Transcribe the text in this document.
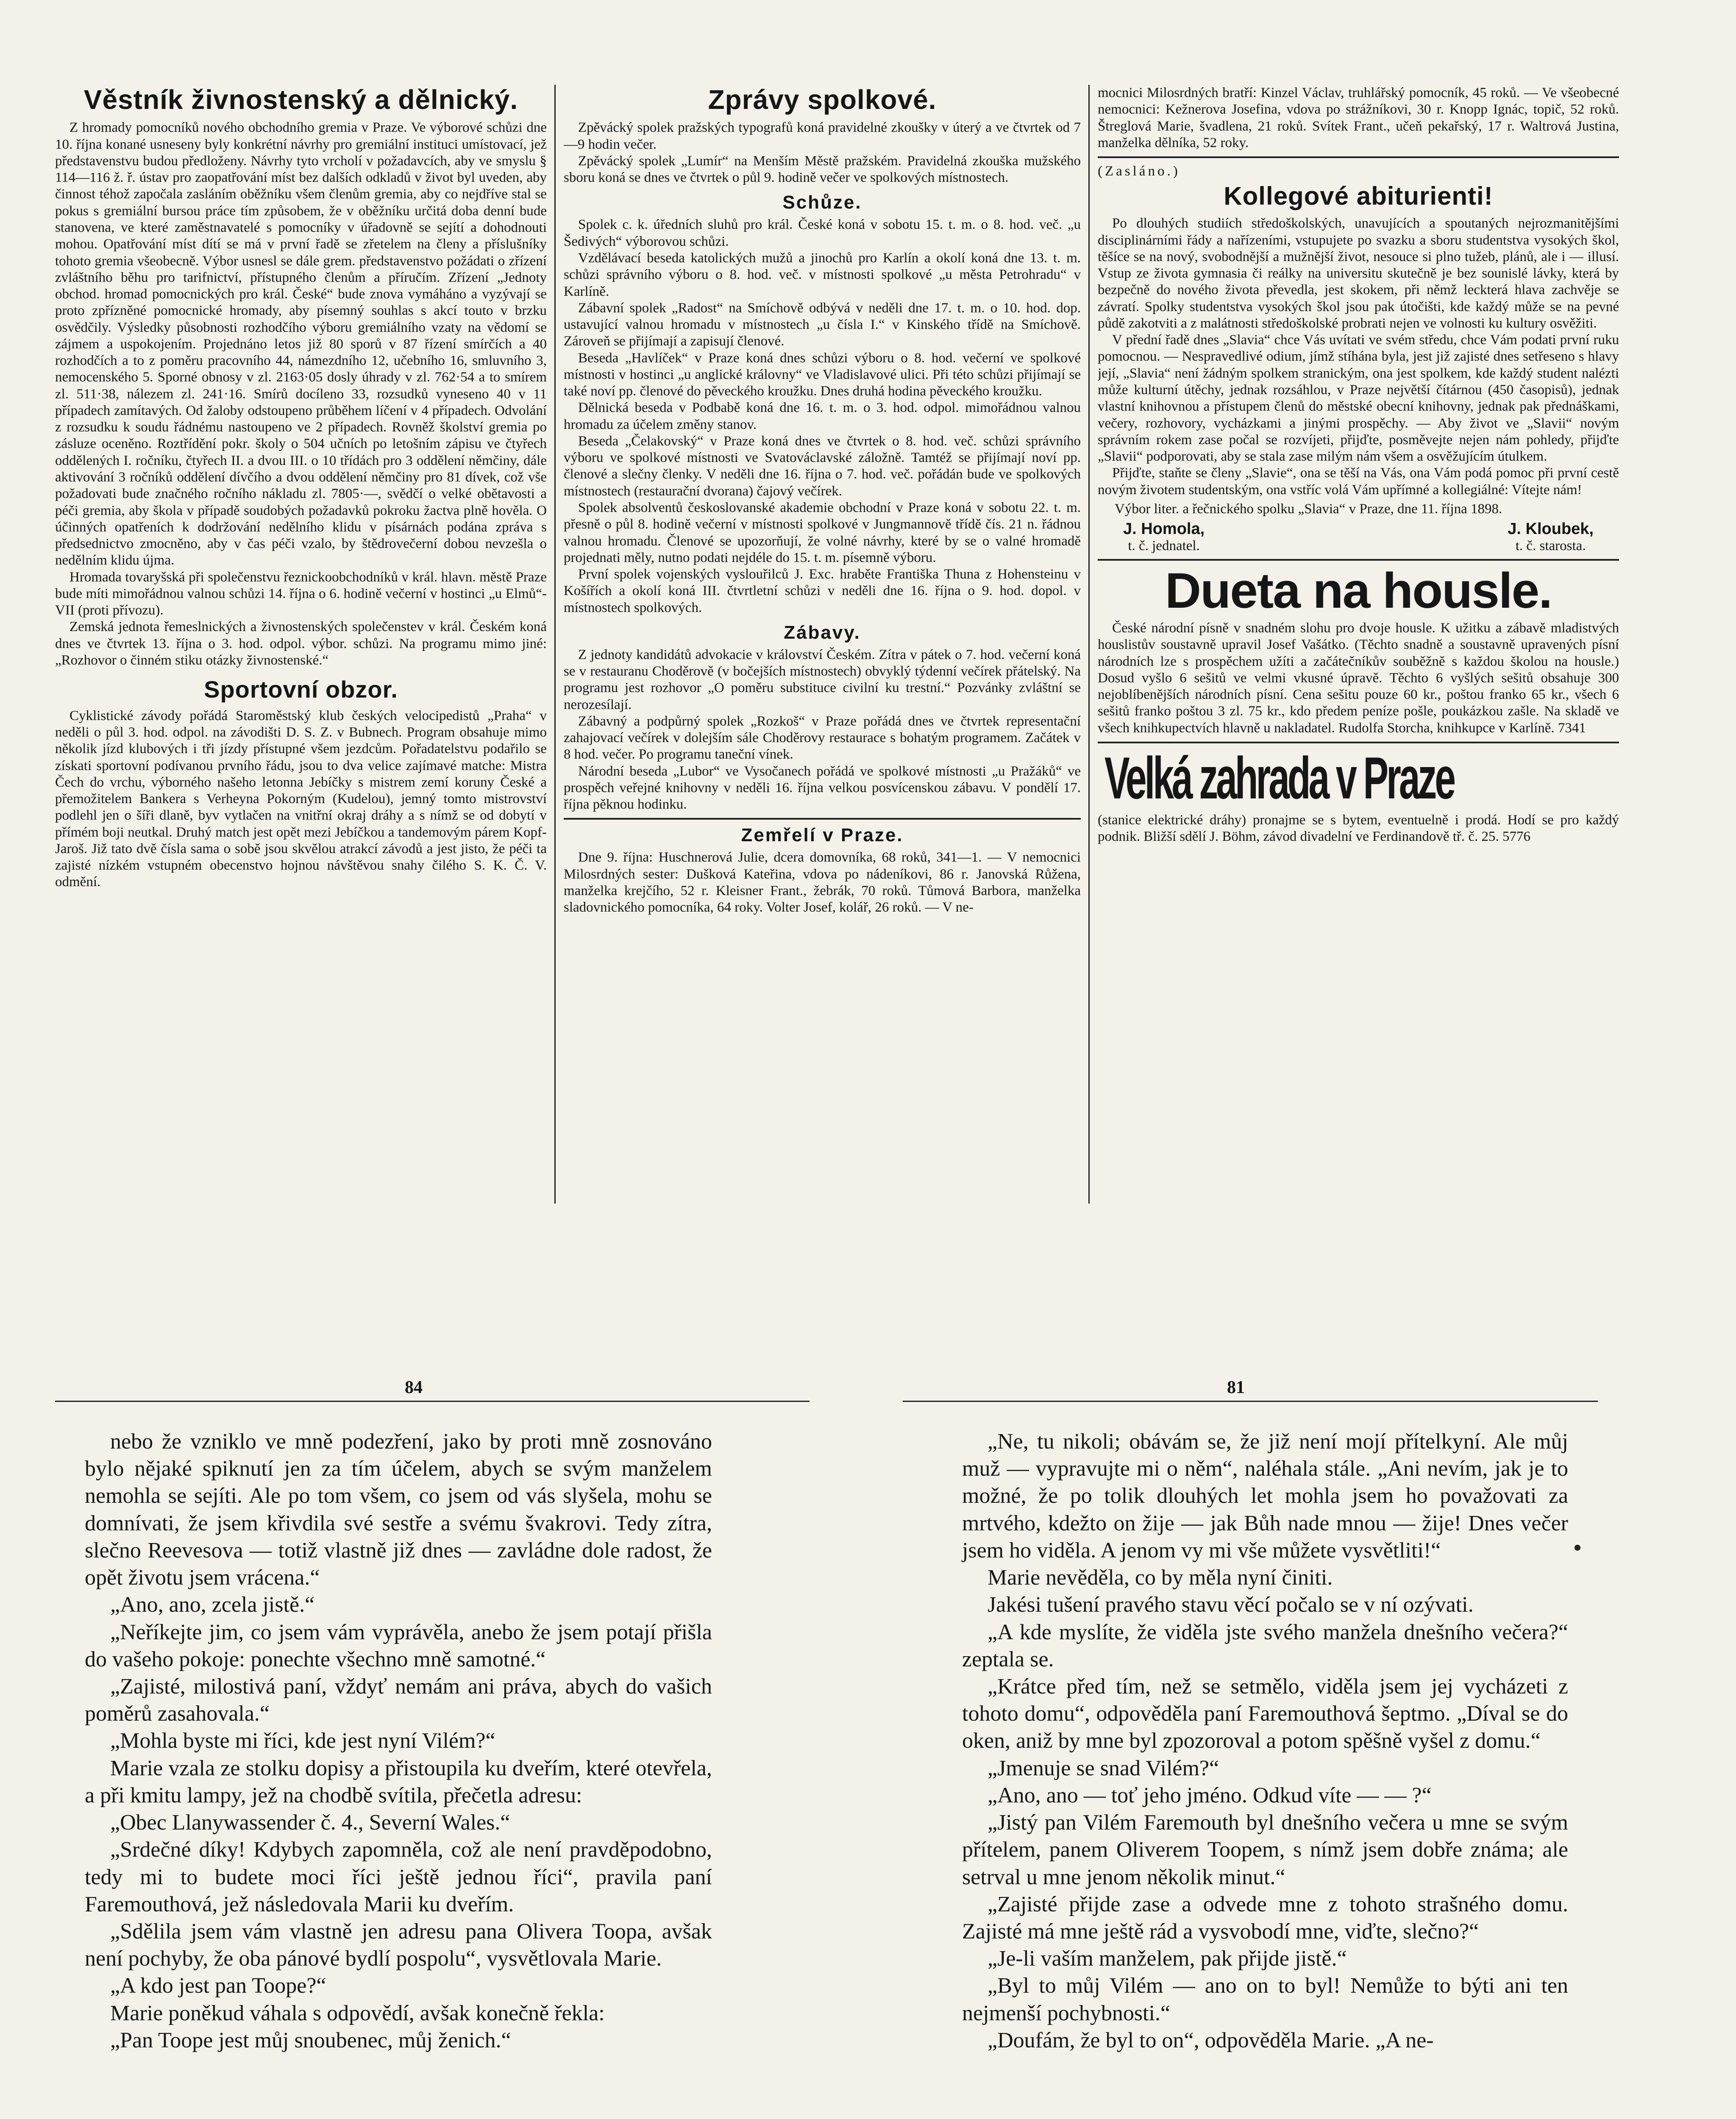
Věstník živnostenský a dělnický.

Z hromady pomocníků nového obchodního gremia v Praze. Ve výborové schůzi dne 10. října konané usneseny byly konkrétní návrhy pro gremiální instituci umístovací, jež představenstvu budou předloženy. Návrhy tyto vrcholí v požadavcích, aby ve smyslu § 114—116 ž. ř. ústav pro zaopatřování míst bez dalších odkladů v život byl uveden, aby činnost téhož započala zasláním oběžníku všem členům gremia, aby co nejdříve stal se pokus s gremiální bursou práce tím způsobem, že v oběžníku určitá doba denní bude stanovena, ve které zaměstnavatelé s pomocníky v úřadovně se sejítí a dohodnouti mohou. Opatřování míst dítí se má v první řadě se zřetelem na členy a příslušníky tohoto gremia všeobecně. Výbor usnesl se dále grem. představenstvo požádati o zřízení zvláštního běhu pro tarifnictví, přístupného členům a příručím. Zřízení „Jednoty obchod. hromad pomocnických pro král. České“ bude znova vymáháno a vyzývají se proto zpřízněné pomocnické hromady, aby písemný souhlas s akcí touto v brzku osvědčily. Výsledky působnosti rozhodčího výboru gremiálního vzaty na vědomí se zájmem a uspokojením. Projednáno letos již 80 sporů v 87 řízení smírčích a 40 rozhodčích a to z poměru pracovního 44, námezdního 12, učebního 16, smluvního 3, nemocenského 5. Sporné obnosy v zl. 2163·05 dosly úhrady v zl. 762·54 a to smírem zl. 511·38, nálezem zl. 241·16. Smírů docíleno 33, rozsudků vyneseno 40 v 11 případech zamítavých. Od žaloby odstoupeno průběhem líčení v 4 případech. Odvolání z rozsudku k soudu řádnému nastoupeno ve 2 případech. Rovněž školství gremia po zásluze oceněno. Roztřídění pokr. školy o 504 učních po letošním zápisu ve čtyřech oddělených I. ročníku, čtyřech II. a dvou III. o 10 třídách pro 3 oddělení němčiny, dále aktivování 3 ročníků oddělení dívčího a dvou oddělení němčiny pro 81 dívek, což vše požadovati bude značného ročního nákladu zl. 7805·—, svědčí o velké obětavosti a péči gremia, aby škola v případě soudobých požadavků pokroku žactva plně hověla. O účinných opatřeních k dodržování nedělního klidu v písárnách podána zpráva s předsednictvo zmocněno, aby v čas péči vzalo, by štědrovečerní dobou nevzešla o nedělním klidu újma.

Hromada tovaryšská při společenstvu řeznickoobchodníků v král. hlavn. městě Praze bude míti mimořádnou valnou schůzi 14. října o 6. hodině večerní v hostinci „u Elmů“-VII (proti přívozu).

Zemská jednota řemeslnických a živnostenských společenstev v král. Českém koná dnes ve čtvrtek 13. října o 3. hod. odpol. výbor. schůzi. Na programu mimo jiné: „Rozhovor o činném stiku otázky živnostenské.“

Sportovní obzor.

Cyklistické závody pořádá Staroměstský klub českých velocipedistů „Praha“ v neděli o půl 3. hod. odpol. na závodišti D. S. Z. v Bubnech. Program obsahuje mimo několik jízd klubových i tři jízdy přístupné všem jezdcům. Pořadatelstvu podařilo se získati sportovní podívanou prvního řádu, jsou to dva velice zajímavé matche: Mistra Čech do vrchu, výborného našeho letonna Jebíčky s mistrem zemí koruny České a přemožitelem Bankera s Verheyna Pokorným (Kudelou), jemný tomto mistrovství podlehl jen o šíři dlaně, byv vytlačen na vnitřní okraj dráhy a s nímž se od dobytí v přímém boji neutkal. Druhý match jest opět mezi Jebíčkou a tandemovým párem Kopf-Jaroš. Již tato dvě čísla sama o sobě jsou skvělou atrakcí závodů a jest jisto, že péči ta zajisté nízkém vstupném obecenstvo hojnou návštěvou snahy čilého S. K. Č. V. odmění.

Zprávy spolkové.

Zpěvácký spolek pražských typografů koná pravidelné zkoušky v úterý a ve čtvrtek od 7—9 hodin večer.

Zpěvácký spolek „Lumír“ na Menším Městě pražském. Pravidelná zkouška mužského sboru koná se dnes ve čtvrtek o půl 9. hodině večer ve spolkových místnostech.

Schůze.

Spolek c. k. úředních sluhů pro král. České koná v sobotu 15. t. m. o 8. hod. več. „u Šedivých“ výborovou schůzi.

Vzdělávací beseda katolických mužů a jinochů pro Karlín a okolí koná dne 13. t. m. schůzi správního výboru o 8. hod. več. v místnosti spolkové „u města Petrohradu“ v Karlíně.

Zábavní spolek „Radost“ na Smíchově odbývá v neděli dne 17. t. m. o 10. hod. dop. ustavující valnou hromadu v místnostech „u čísla I.“ v Kinského třídě na Smíchově. Zároveň se přijímají a zapisují členové.

Beseda „Havlíček“ v Praze koná dnes schůzi výboru o 8. hod. večerní ve spolkové místnosti v hostinci „u anglické královny“ ve Vladislavové ulici. Při této schůzi přijímají se také noví pp. členové do pěveckého kroužku. Dnes druhá hodina pěveckého kroužku.

Dělnická beseda v Podbabě koná dne 16. t. m. o 3. hod. odpol. mimořádnou valnou hromadu za účelem změny stanov.

Beseda „Čelakovský“ v Praze koná dnes ve čtvrtek o 8. hod. več. schůzi správního výboru ve spolkové místnosti ve Svatováclavské záložně. Tamtéž se přijímají noví pp. členové a slečny členky. V neděli dne 16. října o 7. hod. več. pořádán bude ve spolkových místnostech (restaurační dvorana) čajový večírek.

Spolek absolventů českoslovanské akademie obchodní v Praze koná v sobotu 22. t. m. přesně o půl 8. hodině večerní v místnosti spolkové v Jungmannově třídě čís. 21 n. řádnou valnou hromadu. Členové se upozorňují, že volné návrhy, které by se o valné hromadě projednati měly, nutno podati nejdéle do 15. t. m. písemně výboru.

První spolek vojenských vyslouřilců J. Exc. hraběte Františka Thuna z Hohensteinu v Košířích a okolí koná III. čtvrtletní schůzi v neděli dne 16. října o 9. hod. dopol. v místnostech spolkových.

Zábavy.

Z jednoty kandidátů advokacie v království Českém. Zítra v pátek o 7. hod. večerní koná se v restauranu Choděrově (v bočejších místnostech) obvyklý týdenní večírek přátelský. Na programu jest rozhovor „O poměru substituce civilní ku trestní.“ Pozvánky zvláštní se nerozesílají.

Zábavný a podpůrný spolek „Rozkoš“ v Praze pořádá dnes ve čtvrtek representační zahajovací večírek v dolejším sále Choděrovy restaurace s bohatým programem. Začátek v 8 hod. večer. Po programu taneční vínek.

Národní beseda „Lubor“ ve Vysočanech pořádá ve spolkové místnosti „u Pražáků“ ve prospěch veřejné knihovny v neděli 16. října velkou posvícenskou zábavu. V pondělí 17. října pěknou hodinku.

Zemřelí v Praze.

Dne 9. října: Huschnerová Julie, dcera domovníka, 68 roků, 341—1. — V nemocnici Milosrdných sester: Dušková Kateřina, vdova po nádeníkovi, 86 r. Janovská Růžena, manželka krejčího, 52 r. Kleisner Frant., žebrák, 70 roků. Tůmová Barbora, manželka sladovnického pomocníka, 64 roky. Volter Josef, kolář, 26 roků. — V ne-

mocnici Milosrdných bratří: Kinzel Václav, truhlářský pomocník, 45 roků. — Ve všeobecné nemocnici: Kežnerova Josefina, vdova po strážníkovi, 30 r. Knopp Ignác, topič, 52 roků. Štreglová Marie, švadlena, 21 roků. Svítek Frant., učeň pekařský, 17 r. Waltrová Justina, manželka dělníka, 52 roky.

(Zasláno.)

Kollegové abiturienti!

Po dlouhých studiích středoškolských, unavujících a spoutaných nejrozmanitějšími disciplinárními řády a nařízeními, vstupujete po svazku a sboru studentstva vysokých škol, těšíce se na nový, svobodnější a mužnější život, nesouce si plno tužeb, plánů, ale i — illusí. Vstup ze života gymnasia či reálky na universitu skutečně je bez sounislé lávky, která by bezpečně do nového života převedla, jest skokem, při němž leckterá hlava zachvěje se závratí. Spolky studentstva vysokých škol jsou pak útočišti, kde každý může se na pevné půdě zakotviti a z malátnosti středoškolské probrati nejen ve volnosti ku kultury osvěžiti.

V přední řadě dnes „Slavia“ chce Vás uvítati ve svém středu, chce Vám podati první ruku pomocnou. — Nespravedlivé odium, jímž stíhána byla, jest již zajisté dnes setřeseno s hlavy její, „Slavia“ není žádným spolkem stranickým, ona jest spolkem, kde každý student nalézti může kulturní útěchy, jednak rozsáhlou, v Praze největší čítárnou (450 časopisů), jednak vlastní knihovnou a přístupem členů do městské obecní knihovny, jednak pak přednáškami, večery, rozhovory, vycházkami a jinými prospěchy. — Aby život ve „Slavii“ novým správním rokem zase počal se rozvíjeti, přijďte, posměvejte nejen nám pohledy, přijďte „Slavii“ podporovati, aby se stala zase milým nám všem a osvěžujícím útulkem.

Přijďte, staňte se členy „Slavie“, ona se těší na Vás, ona Vám podá pomoc při první cestě novým životem studentským, ona vstříc volá Vám upřímné a kollegiálné: Vítejte nám!

Výbor liter. a řečnického spolku „Slavia“ v Praze, dne 11. října 1898.

J. Homola,
t. č. jednatel.
J. Kloubek,
t. č. starosta.
Dueta na housle.

České národní písně v snadném slohu pro dvoje housle. K užitku a zábavě mladistvých houslistův soustavně upravil Josef Vašátko. (Těchto snadně a soustavně upravených písní národních lze s prospěchem užíti a začátečníkův souběžně s každou školou na housle.) Dosud vyšlo 6 sešitů ve velmi vkusné úpravě. Těchto 6 vyšlých sešitů obsahuje 300 nejoblíbenějších národních písní. Cena sešitu pouze 60 kr., poštou franko 65 kr., všech 6 sešitů franko poštou 3 zl. 75 kr., kdo předem peníze pošle, poukázkou zašle. Na skladě ve všech knihkupectvích hlavně u nakladatel. Rudolfa Storcha, knihkupce v Karlíně. 7341

Velká zahrada v Praze

(stanice elektrické dráhy) pronajme se s bytem, eventuelně i prodá. Hodí se pro každý podnik. Bližší sdělí J. Böhm, závod divadelní ve Ferdinandově tř. č. 25. 5776

84	81

nebo že vzniklo ve mně podezření, jako by proti mně zosnováno bylo nějaké spiknutí jen za tím účelem, abych se svým manželem nemohla se sejíti. Ale po tom všem, co jsem od vás slyšela, mohu se domnívati, že jsem křivdila své sestře a svému švakrovi. Tedy zítra, slečno Reevesova — totiž vlastně již dnes — zavládne dole radost, že opět životu jsem vrácena.“

„Ano, ano, zcela jistě.“

„Neříkejte jim, co jsem vám vyprávěla, anebo že jsem potají přišla do vašeho pokoje: ponechte všechno mně samotné.“

„Zajisté, milostivá paní, vždyť nemám ani práva, abych do vašich poměrů zasahovala.“

„Mohla byste mi říci, kde jest nyní Vilém?“

Marie vzala ze stolku dopisy a přistoupila ku dveřím, které otevřela, a při kmitu lampy, jež na chodbě svítila, přečetla adresu:

„Obec Llanywassender č. 4., Severní Wales.“

„Srdečné díky! Kdybych zapomněla, což ale není pravděpodobno, tedy mi to budete moci říci ještě jednou říci“, pravila paní Faremouthová, jež následovala Marii ku dveřím.

„Sdělila jsem vám vlastně jen adresu pana Olivera Toopa, avšak není pochyby, že oba pánové bydlí pospolu“, vysvětlovala Marie.

„A kdo jest pan Toope?“

Marie poněkud váhala s odpovědí, avšak konečně řekla:

„Pan Toope jest můj snoubenec, můj ženich.“

„Ne, tu nikoli; obávám se, že již není mojí přítelkyní. Ale můj muž — vypravujte mi o něm“, naléhala stále. „Ani nevím, jak je to možné, že po tolik dlouhých let mohla jsem ho považovati za mrtvého, kdežto on žije — jak Bůh nade mnou — žije! Dnes večer jsem ho viděla. A jenom vy mi vše můžete vysvětliti!“

Marie nevěděla, co by měla nyní činiti.

Jakési tušení pravého stavu věcí počalo se v ní ozývati.

„A kde myslíte, že viděla jste svého manžela dnešního večera?“ zeptala se.

„Krátce před tím, než se setmělo, viděla jsem jej vycházeti z tohoto domu“, odpověděla paní Faremouthová šeptmo. „Díval se do oken, aniž by mne byl zpozoroval a potom spěšně vyšel z domu.“

„Jmenuje se snad Vilém?“

„Ano, ano — toť jeho jméno. Odkud víte — — ?“

„Jistý pan Vilém Faremouth byl dnešního večera u mne se svým přítelem, panem Oliverem Toopem, s nímž jsem dobře známa; ale setrval u mne jenom několik minut.“

„Zajisté přijde zase a odvede mne z tohoto strašného domu. Zajisté má mne ještě rád a vysvobodí mne, viďte, slečno?“

„Je-li vaším manželem, pak přijde jistě.“

„Byl to můj Vilém — ano on to byl! Nemůže to býti ani ten nejmenší pochybnosti.“

„Doufám, že byl to on“, odpověděla Marie. „A ne-
